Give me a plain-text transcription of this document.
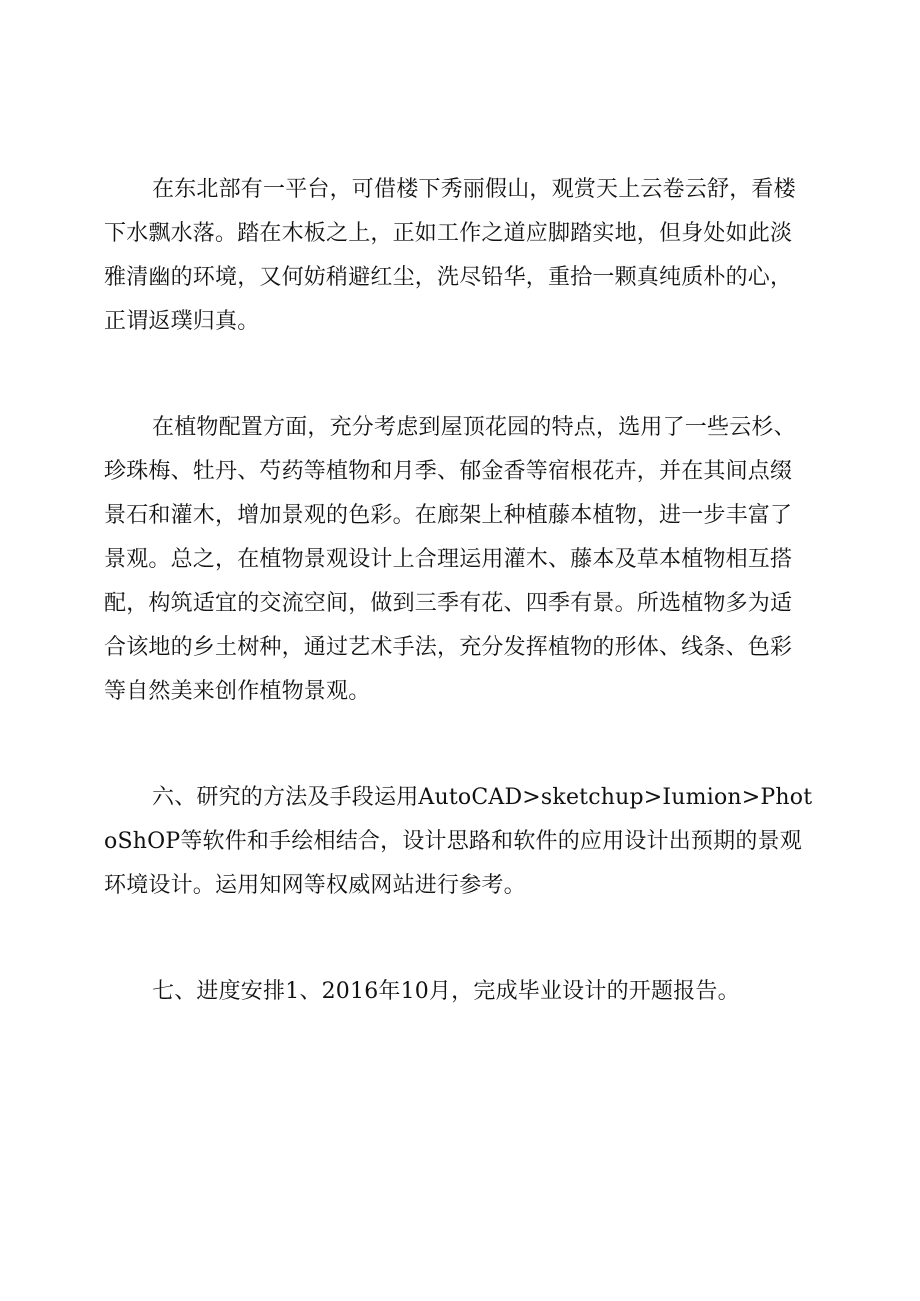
在东北部有一平台，可借楼下秀丽假山，观赏天上云卷云舒，看楼下水飘水落。踏在木板之上，正如工作之道应脚踏实地，但身处如此淡雅清幽的环境，又何妨稍避红尘，洗尽铅华，重拾一颗真纯质朴的心，正谓返璞归真。

在植物配置方面，充分考虑到屋顶花园的特点，选用了一些云杉、珍珠梅、牡丹、芍药等植物和月季、郁金香等宿根花卉，并在其间点缀景石和灌木，增加景观的色彩。在廊架上种植藤本植物，进一步丰富了景观。总之，在植物景观设计上合理运用灌木、藤本及草本植物相互搭配，构筑适宜的交流空间，做到三季有花、四季有景。所选植物多为适合该地的乡土树种，通过艺术手法，充分发挥植物的形体、线条、色彩等自然美来创作植物景观。

六、研究的方法及手段运用AutoCAD>sketchup>Iumion>PhotoShOP等软件和手绘相结合，设计思路和软件的应用设计出预期的景观环境设计。运用知网等权威网站进行参考。

七、进度安排1、2016年10月，完成毕业设计的开题报告。
